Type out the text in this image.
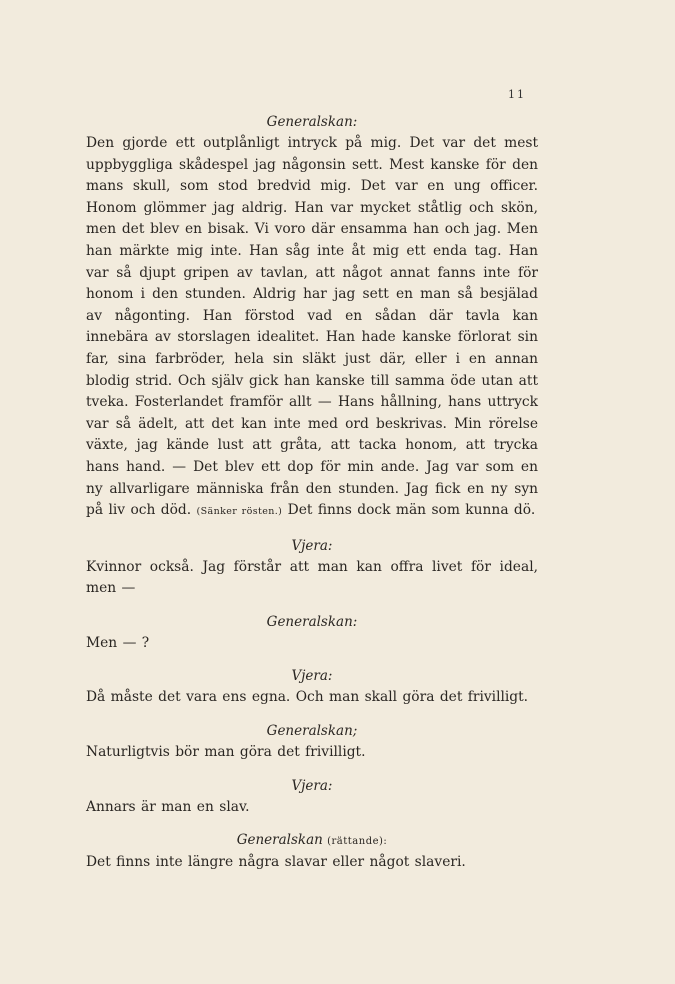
11

Generalskan:

Den gjorde ett outplånligt intryck på mig. Det var det mest uppbyggliga skådespel jag någonsin sett. Mest kanske för den mans skull, som stod bredvid mig. Det var en ung officer. Honom glömmer jag aldrig. Han var mycket ståtlig och skön, men det blev en bisak. Vi voro där ensamma han och jag. Men han märkte mig inte. Han såg inte åt mig ett enda tag. Han var så djupt gripen av tavlan, att något annat fanns inte för honom i den stunden. Aldrig har jag sett en man så besjälad av någonting. Han förstod vad en sådan där tavla kan innebära av storslagen idealitet. Han hade kanske förlorat sin far, sina farbröder, hela sin släkt just där, eller i en annan blodig strid. Och själv gick han kanske till samma öde utan att tveka. Fosterlandet framför allt — Hans hållning, hans uttryck var så ädelt, att det kan inte med ord beskrivas. Min rörelse växte, jag kände lust att gråta, att tacka honom, att trycka hans hand. — Det blev ett dop för min ande. Jag var som en ny allvarligare människa från den stunden. Jag fick en ny syn på liv och död. (Sänker rösten.) Det finns dock män som kunna dö.

Vjera:

Kvinnor också. Jag förstår att man kan offra livet för ideal, men —

Generalskan:

Men — ?

Vjera:

Då måste det vara ens egna. Och man skall göra det frivilligt.

Generalskan;

Naturligtvis bör man göra det frivilligt.

Vjera:

Annars är man en slav.

Generalskan (rättande):

Det finns inte längre några slavar eller något slaveri.
